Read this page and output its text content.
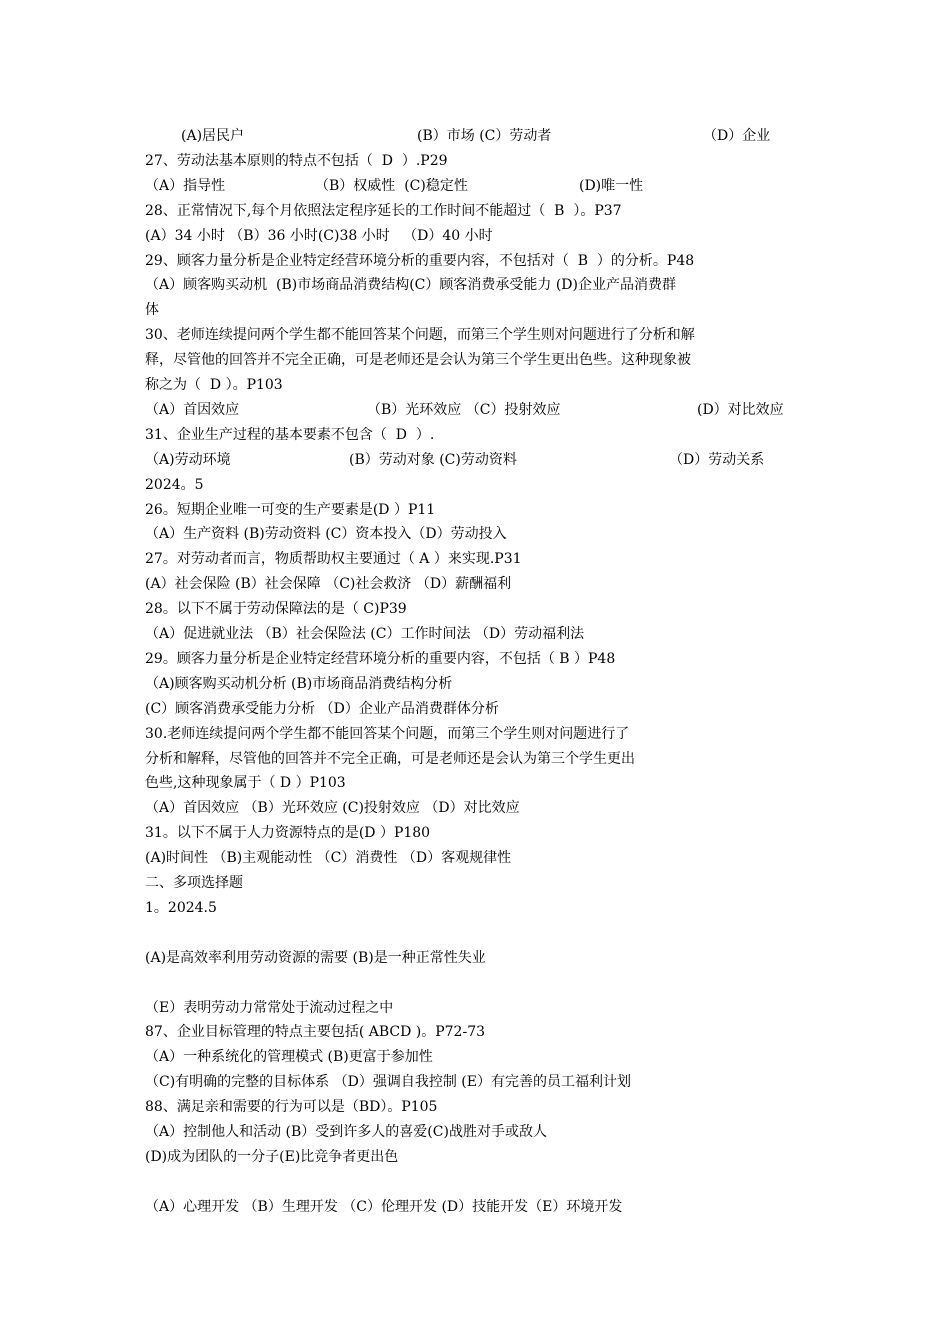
(A)居民户

	(B）市场 (C）劳动者

	（D）企业

27、劳动法基本原则的特点不包括（  D  ）.P29

（A）指导性

	（B）权威性  (C)稳定性

	(D)唯一性

28、正常情况下,每个月依照法定程序延长的工作时间不能超过（  B  ）。P37
(A）34 小时 （B）36 小时(C)38 小时   （D）40 小时
29、顾客力量分析是企业特定经营环境分析的重要内容，不包括对（  B  ）的分析。P48
（A）顾客购买动机  (B)市场商品消费结构(C）顾客消费承受能力 (D)企业产品消费群
体
30、老师连续提问两个学生都不能回答某个问题，而第三个学生则对问题进行了分析和解
释，尽管他的回答并不完全正确，可是老师还是会认为第三个学生更出色些。这种现象被
称之为（  D ）。P103

（A）首因效应

	（B）光环效应 （C）投射效应

	(D）对比效应

31、企业生产过程的基本要素不包含（  D  ）.

（A)劳动环境

	(B）劳动对象 (C)劳动资料

	（D）劳动关系

2024。5
26。短期企业唯一可变的生产要素是(D ）P11
（A）生产资料 (B)劳动资料 (C）资本投入（D）劳动投入
27。对劳动者而言，物质帮助权主要通过（ A ）来实现.P31
(A）社会保险 (B）社会保障 （C)社会救济 （D）薪酬福利
28。以下不属于劳动保障法的是（ C)P39
（A）促进就业法 （B）社会保险法 (C）工作时间法 （D）劳动福利法
29。顾客力量分析是企业特定经营环境分析的重要内容，不包括（ B ）P48
（A)顾客购买动机分析 (B)市场商品消费结构分析
(C）顾客消费承受能力分析 （D）企业产品消费群体分析
30.老师连续提问两个学生都不能回答某个问题，而第三个学生则对问题进行了
分析和解释，尽管他的回答并不完全正确，可是老师还是会认为第三个学生更出
色些,这种现象属于（ D ）P103
（A）首因效应 （B）光环效应 (C)投射效应 （D）对比效应
31。以下不属于人力资源特点的是(D ）P180
(A)时间性 （B)主观能动性 （C）消费性 （D）客观规律性
二、多项选择题
1。2024.5

(A)是高效率利用劳动资源的需要 (B)是一种正常性失业

（E）表明劳动力常常处于流动过程之中
87、企业目标管理的特点主要包括( ABCD )。P72-73
（A）一种系统化的管理模式 (B)更富于参加性
（C)有明确的完整的目标体系 （D）强调自我控制 (E）有完善的员工福利计划
88、满足亲和需要的行为可以是（BD）。P105
（A）控制他人和活动 (B）受到许多人的喜爱(C)战胜对手或敌人
(D)成为团队的一分子(E)比竞争者更出色

（A）心理开发 （B）生理开发 （C）伦理开发 (D）技能开发（E）环境开发
